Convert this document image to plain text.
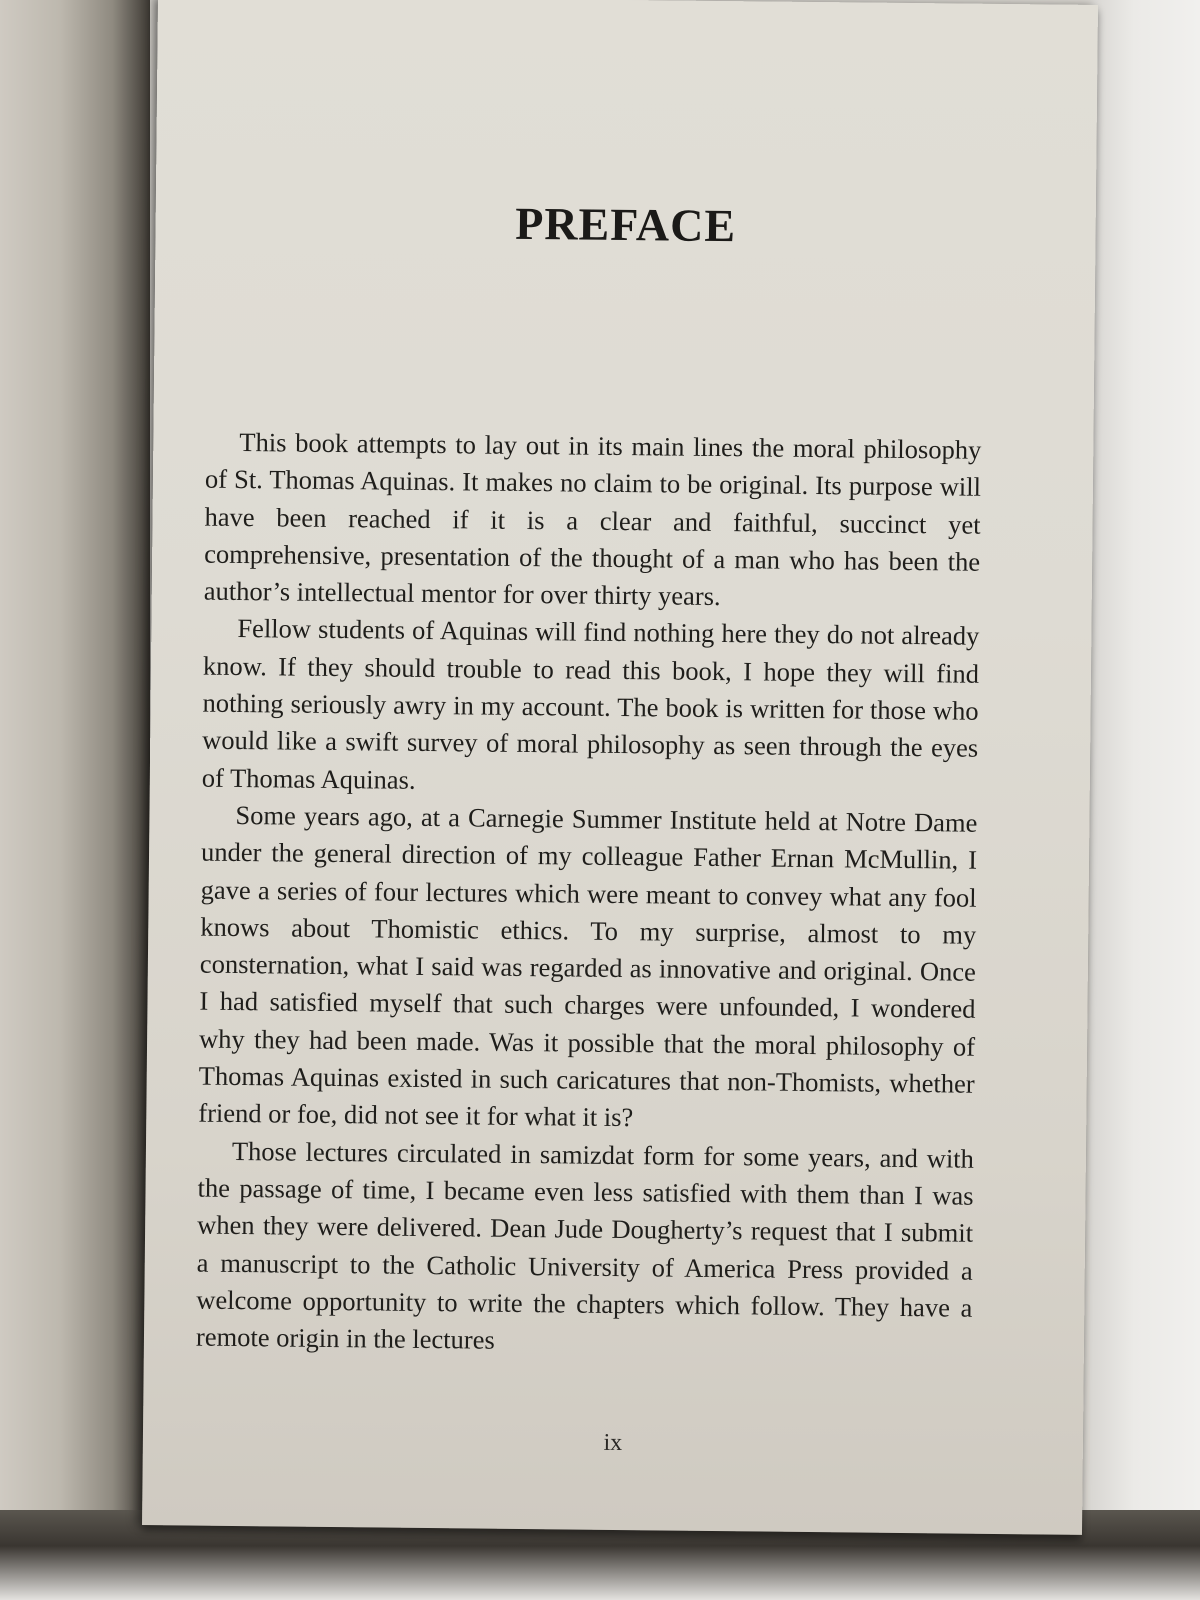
PREFACE

This book attempts to lay out in its main lines the moral philosophy of St. Thomas Aquinas. It makes no claim to be original. Its purpose will have been reached if it is a clear and faithful, succinct yet comprehensive, presentation of the thought of a man who has been the author’s intellectual mentor for over thirty years.

Fellow students of Aquinas will find nothing here they do not already know. If they should trouble to read this book, I hope they will find nothing seriously awry in my account. The book is written for those who would like a swift survey of moral philosophy as seen through the eyes of Thomas Aquinas.

Some years ago, at a Carnegie Summer Institute held at Notre Dame under the general direction of my colleague Father Ernan McMullin, I gave a series of four lectures which were meant to convey what any fool knows about Thomistic ethics. To my surprise, almost to my consternation, what I said was regarded as innovative and original. Once I had satisfied myself that such charges were unfounded, I wondered why they had been made. Was it possible that the moral philosophy of Thomas Aquinas existed in such caricatures that non-Thomists, whether friend or foe, did not see it for what it is?

Those lectures circulated in samizdat form for some years, and with the passage of time, I became even less satisfied with them than I was when they were delivered. Dean Jude Dougherty’s request that I submit a manuscript to the Catholic University of America Press provided a welcome opportunity to write the chapters which follow. They have a remote origin in the lectures

ix
